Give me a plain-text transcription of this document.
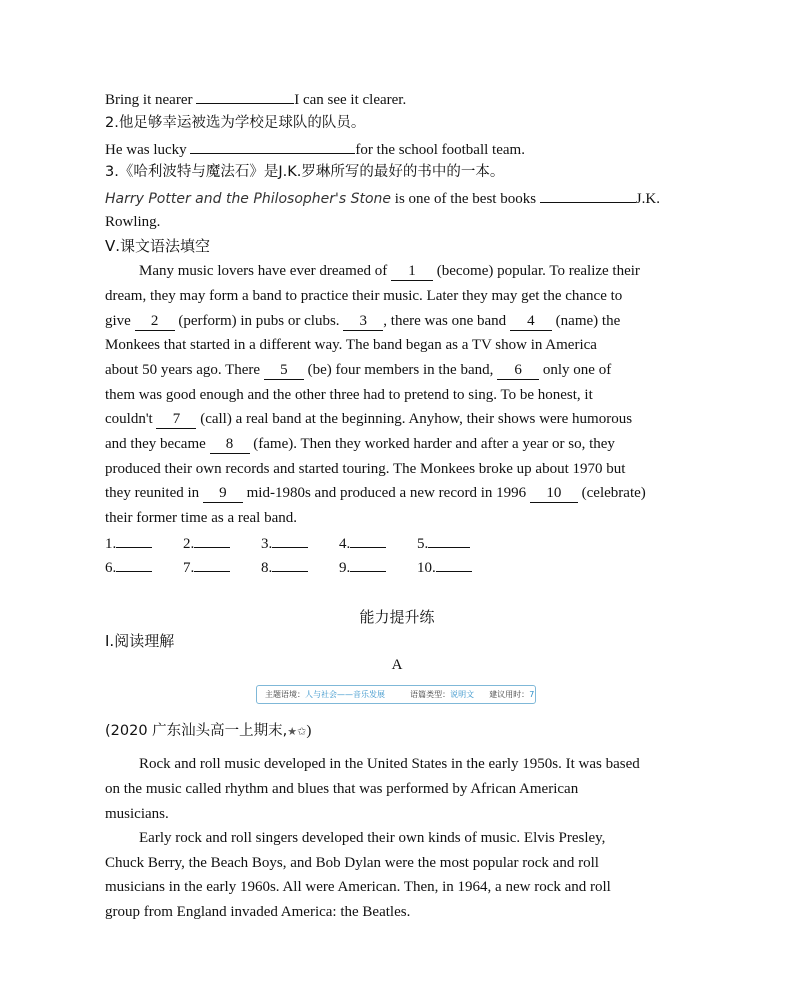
Bring it nearer	I can see it clearer.
2.他足够幸运被选为学校足球队的队员。
He was lucky	for the school football team.
3.《哈利波特与魔法石》是J.K.罗琳所写的最好的书中的一本。
Harry Potter and the Philosopher's Stone is one of the best books	J.K.
Rowling.
Ⅴ.课文语法填空
Many music lovers have ever dreamed of 1 (become) popular. To realize their
dream, they may form a band to practice their music. Later they may get the chance to
give 2 (perform) in pubs or clubs. 3 , there was one band 4 (name) the
Monkees that started in a different way. The band began as a TV show in America
about 50 years ago. There 5 (be) four members in the band, 6 only one of
them was good enough and the other three had to pretend to sing. To be honest, it
couldn't 7 (call) a real band at the beginning. Anyhow, their shows were humorous
and they became 8 (fame). Then they worked harder and after a year or so, they
produced their own records and started touring. The Monkees broke up about 1970 but
they reunited in 9 mid-1980s and produced a new record in 1996 10 (celebrate)
their former time as a real band.
1.	2.	3.	4.	5.
6.	7.	8.	9.	10.
能力提升练
Ⅰ.阅读理解
A
主题语境：人与社会——音乐发展	语篇类型：说明文 建议用时：7
(2020 广东汕头高一上期末,★✩)
Rock and roll music developed in the United States in the early 1950s. It was based
on the music called rhythm and blues that was performed by African American
musicians.
Early rock and roll singers developed their own kinds of music. Elvis Presley,
Chuck Berry, the Beach Boys, and Bob Dylan were the most popular rock and roll
musicians in the early 1960s. All were American. Then, in 1964, a new rock and roll
group from England invaded America: the Beatles.
